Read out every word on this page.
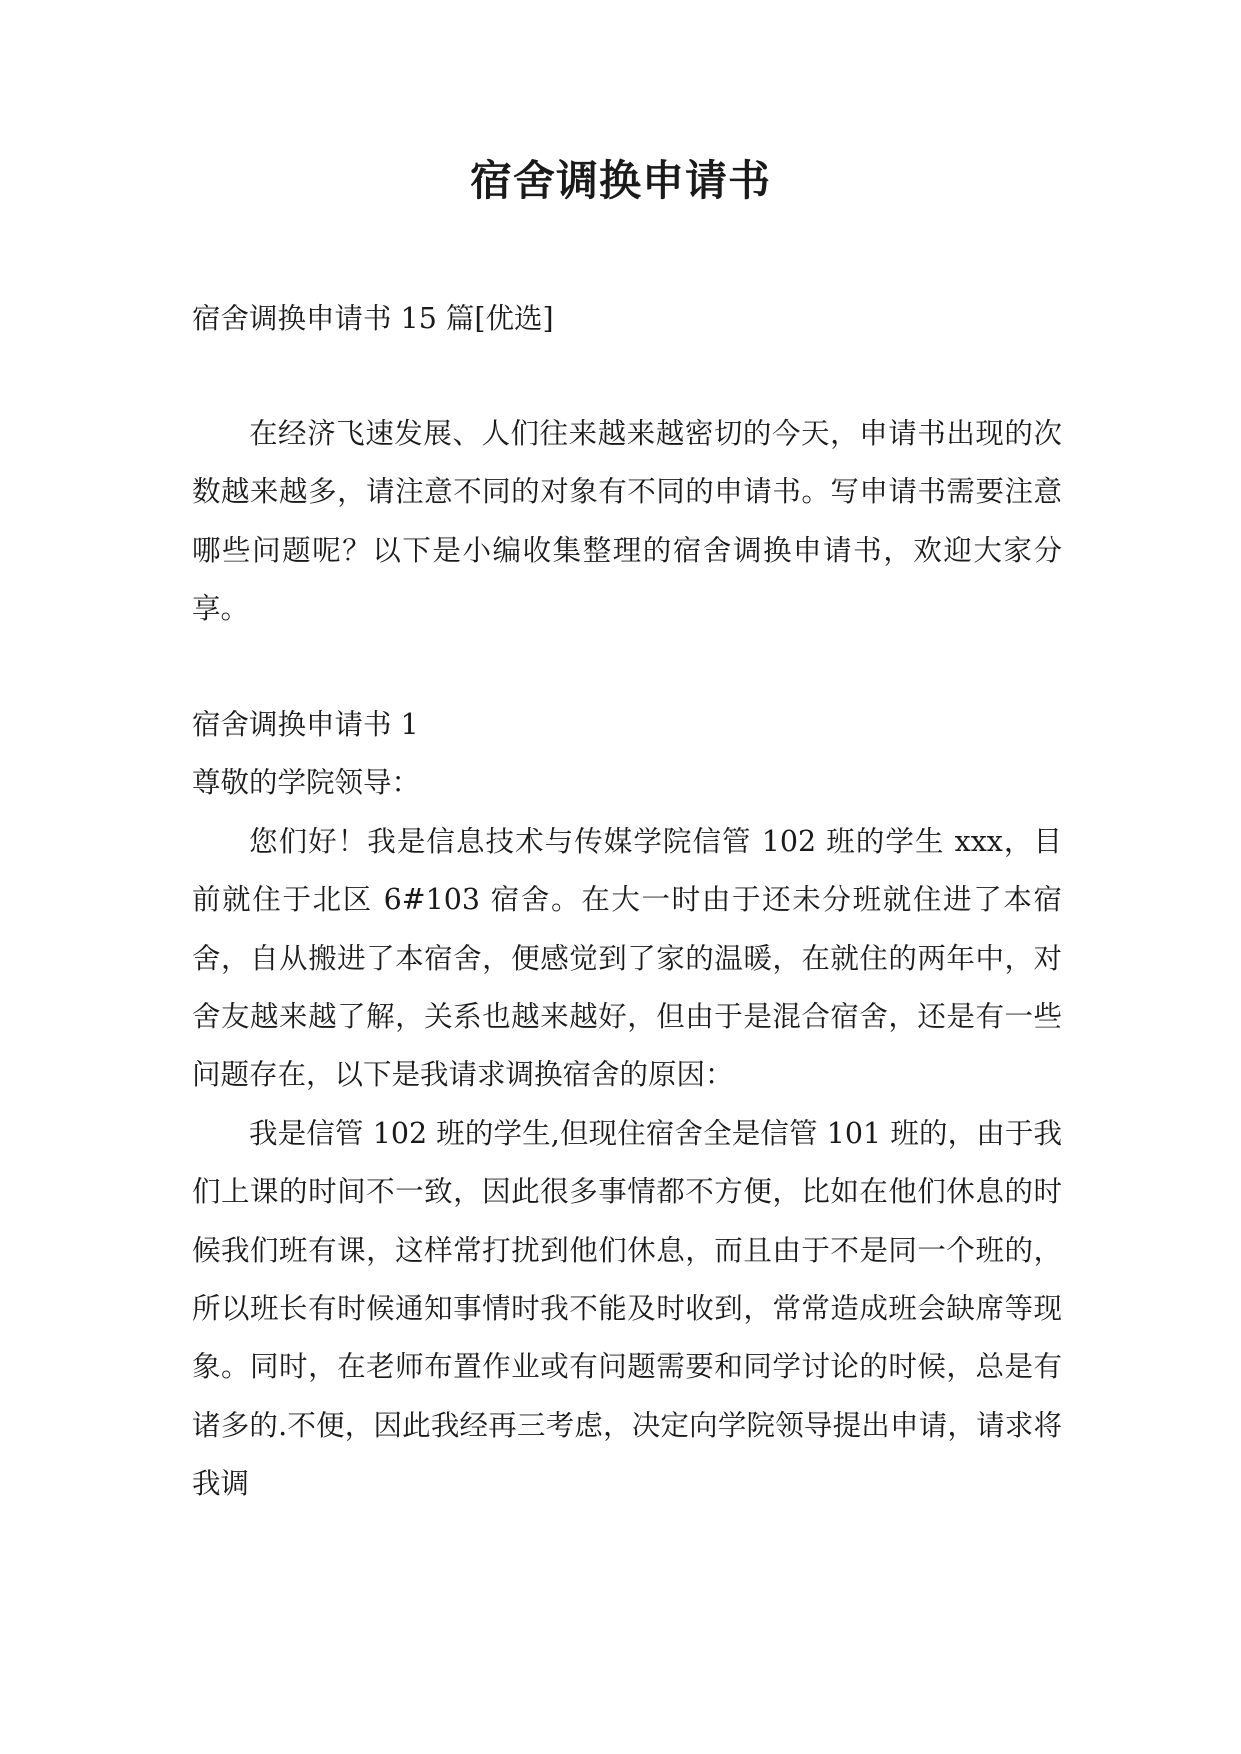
宿舍调换申请书
宿舍调换申请书 15 篇[优选]

在经济飞速发展、人们往来越来越密切的今天，申请书出现的次数越来越多，请注意不同的对象有不同的申请书。写申请书需要注意哪些问题呢？以下是小编收集整理的宿舍调换申请书，欢迎大家分享。

宿舍调换申请书 1
尊敬的学院领导：

您们好！我是信息技术与传媒学院信管 102 班的学生 xxx，目前就住于北区 6#103 宿舍。在大一时由于还未分班就住进了本宿舍，自从搬进了本宿舍，便感觉到了家的温暖，在就住的两年中，对舍友越来越了解，关系也越来越好，但由于是混合宿舍，还是有一些问题存在，以下是我请求调换宿舍的原因：

我是信管 102 班的学生,但现住宿舍全是信管 101 班的，由于我们上课的时间不一致，因此很多事情都不方便，比如在他们休息的时候我们班有课，这样常打扰到他们休息，而且由于不是同一个班的，所以班长有时候通知事情时我不能及时收到，常常造成班会缺席等现象。同时，在老师布置作业或有问题需要和同学讨论的时候，总是有诸多的.不便，因此我经再三考虑，决定向学院领导提出申请，请求将我调
